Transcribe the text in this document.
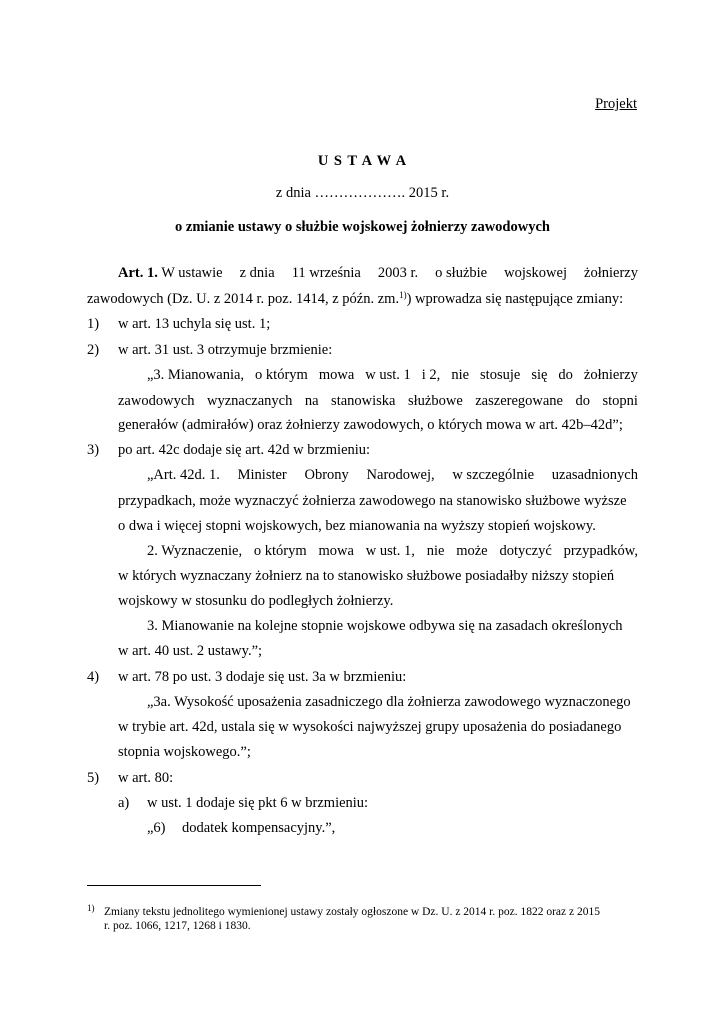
Projekt
U S T A W A
z dnia ………………. 2015 r.
o zmianie ustawy o służbie wojskowej żołnierzy zawodowych
Art. 1. W ustawie z dnia 11 września 2003 r. o służbie wojskowej żołnierzy
zawodowych (Dz. U. z 2014 r. poz. 1414, z późn. zm.$^{1)}$) wprowadza się następujące zmiany:
1) w art. 13 uchyla się ust. 1;
2) w art. 31 ust. 3 otrzymuje brzmienie:
„3. Mianowania, o którym mowa w ust. 1 i 2, nie stosuje się do żołnierzy
zawodowych wyznaczanych na stanowiska służbowe zaszeregowane do stopni
generałów (admirałów) oraz żołnierzy zawodowych, o których mowa w art. 42b–42d”;
3) po art. 42c dodaje się art. 42d w brzmieniu:
„Art. 42d. 1. Minister Obrony Narodowej, w szczególnie uzasadnionych
przypadkach, może wyznaczyć żołnierza zawodowego na stanowisko służbowe wyższe
o dwa i więcej stopni wojskowych, bez mianowania na wyższy stopień wojskowy.
2. Wyznaczenie, o którym mowa w ust. 1, nie może dotyczyć przypadków,
w których wyznaczany żołnierz na to stanowisko służbowe posiadałby niższy stopień
wojskowy w stosunku do podległych żołnierzy.
3. Mianowanie na kolejne stopnie wojskowe odbywa się na zasadach określonych
w art. 40 ust. 2 ustawy.”;
4) w art. 78 po ust. 3 dodaje się ust. 3a w brzmieniu:
„3a. Wysokość uposażenia zasadniczego dla żołnierza zawodowego wyznaczonego
w trybie art. 42d, ustala się w wysokości najwyższej grupy uposażenia do posiadanego
stopnia wojskowego.”;
5) w art. 80:
a) w ust. 1 dodaje się pkt 6 w brzmieniu:
„6) dodatek kompensacyjny.”,
1) Zmiany tekstu jednolitego wymienionej ustawy zostały ogłoszone w Dz. U. z 2014 r. poz. 1822 oraz z 2015
r. poz. 1066, 1217, 1268 i 1830.
